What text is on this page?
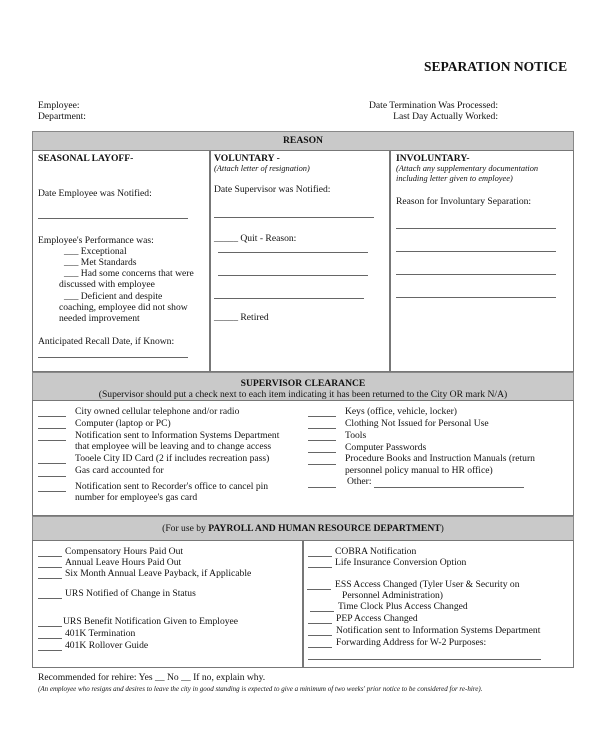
SEPARATION NOTICE
Employee:
Department:
Date Termination Was Processed:
Last Day Actually Worked:
REASON
SEASONAL LAYOFF-
Date Employee was Notified:
Employee's Performance was:
___ Exceptional
___ Met Standards
___ Had some concerns that were
discussed with employee
___ Deficient and despite
coaching, employee did not show
needed improvement
Anticipated Recall Date, if Known:
VOLUNTARY -
(Attach letter of resignation)
Date Supervisor was Notified:
_____ Quit - Reason:
_____ Retired
INVOLUNTARY-
(Attach any supplementary documentation
including letter given to employee)
Reason for Involuntary Separation:
SUPERVISOR CLEARANCE
(Supervisor should put a check next to each item indicating it has been returned to the City OR mark N/A)
City owned cellular telephone and/or radio
Computer (laptop or PC)
Notification sent to Information Systems Department
that employee will be leaving and to change access
Tooele City ID Card (2 if includes recreation pass)
Gas card accounted for
Notification sent to Recorder's office to cancel pin
number for employee's gas card
Keys (office, vehicle, locker)
Clothing Not Issued for Personal Use
Tools
Computer Passwords
Procedure Books and Instruction Manuals (return
personnel policy manual to HR office)
Other:
(For use by PAYROLL AND HUMAN RESOURCE DEPARTMENT)
Compensatory Hours Paid Out
Annual Leave Hours Paid Out
Six Month Annual Leave Payback, if Applicable
URS Notified of Change in Status
URS Benefit Notification Given to Employee
401K Termination
401K Rollover Guide
COBRA Notification
Life Insurance Conversion Option
ESS Access Changed (Tyler User & Security on
Personnel Administration)
Time Clock Plus Access Changed
PEP Access Changed
Notification sent to Information Systems Department
Forwarding Address for W-2 Purposes:
Recommended for rehire: Yes __ No __ If no, explain why.
(An employee who resigns and desires to leave the city in good standing is expected to give a minimum of two weeks' prior notice to be considered for re-hire).
